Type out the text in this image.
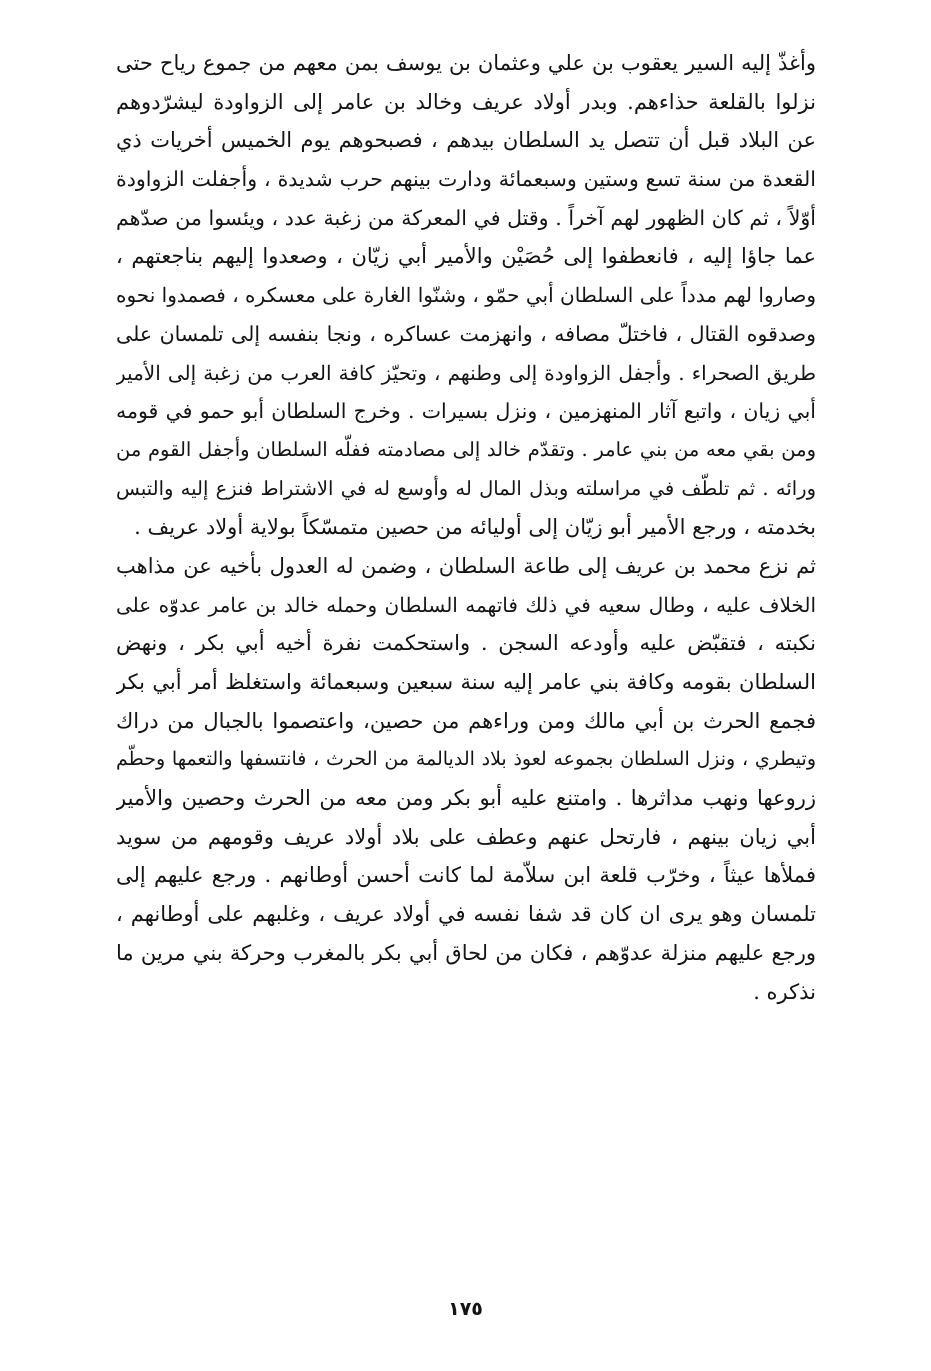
وأغذّ إليه السير يعقوب بن علي وعثمان بن يوسف بمن معهم من جموع رياح حتى
نزلوا بالقلعة حذاءهم. وبدر أولاد عريف وخالد بن عامر إلى الزواودة ليشرّدوهم
عن البلاد قبل أن تتصل يد السلطان بيدهم ، فصبحوهم يوم الخميس أخريات ذي
القعدة من سنة تسع وستين وسبعمائة ودارت بينهم حرب شديدة ، وأجفلت الزواودة
أوّلاً ، ثم كان الظهور لهم آخراً . وقتل في المعركة من زغبة عدد ، ويئسوا من صدّهم
عما جاؤا إليه ، فانعطفوا إلى حُصَيْن والأمير أبي زيّان ، وصعدوا إليهم بناجعتهم ،
وصاروا لهم مدداً على السلطان أبي حمّو ، وشنّوا الغارة على معسكره ، فصمدوا نحوه
وصدقوه القتال ، فاختلّ مصافه ، وانهزمت عساكره ، ونجا بنفسه إلى تلمسان على
طريق الصحراء . وأجفل الزواودة إلى وطنهم ، وتحيّز كافة العرب من زغبة إلى الأمير
أبي زيان ، واتبع آثار المنهزمين ، ونزل بسيرات . وخرج السلطان أبو حمو في قومه
ومن بقي معه من بني عامر . وتقدّم خالد إلى مصادمته ففلّه السلطان وأجفل القوم من
ورائه . ثم تلطّف في مراسلته وبذل المال له وأوسع له في الاشتراط فنزع إليه والتبس
بخدمته ، ورجع الأمير أبو زيّان إلى أوليائه من حصين متمسّكاً بولاية أولاد عريف .
ثم نزع محمد بن عريف إلى طاعة السلطان ، وضمن له العدول بأخيه عن مذاهب
الخلاف عليه ، وطال سعيه في ذلك فاتهمه السلطان وحمله خالد بن عامر عدوّه على
نكبته ، فتقبّض عليه وأودعه السجن . واستحكمت نفرة أخيه أبي بكر ، ونهض
السلطان بقومه وكافة بني عامر إليه سنة سبعين وسبعمائة واستغلظ أمر أبي بكر
فجمع الحرث بن أبي مالك ومن وراءهم من حصين، واعتصموا بالجبال من دراك
وتيطري ، ونزل السلطان بجموعه لعوذ بلاد الديالمة من الحرث ، فانتسفها والتعمها وحطّم
زروعها ونهب مداثرها . وامتنع عليه أبو بكر ومن معه من الحرث وحصين والأمير
أبي زيان بينهم ، فارتحل عنهم وعطف على بلاد أولاد عريف وقومهم من سويد
فملأها عيثاً ، وخرّب قلعة ابن سلاّمة لما كانت أحسن أوطانهم . ورجع عليهم إلى
تلمسان وهو يرى ان كان قد شفا نفسه في أولاد عريف ، وغلبهم على أوطانهم ،
ورجع عليهم منزلة عدوّهم ، فكان من لحاق أبي بكر بالمغرب وحركة بني مرين ما
نذكره .
١٧٥
